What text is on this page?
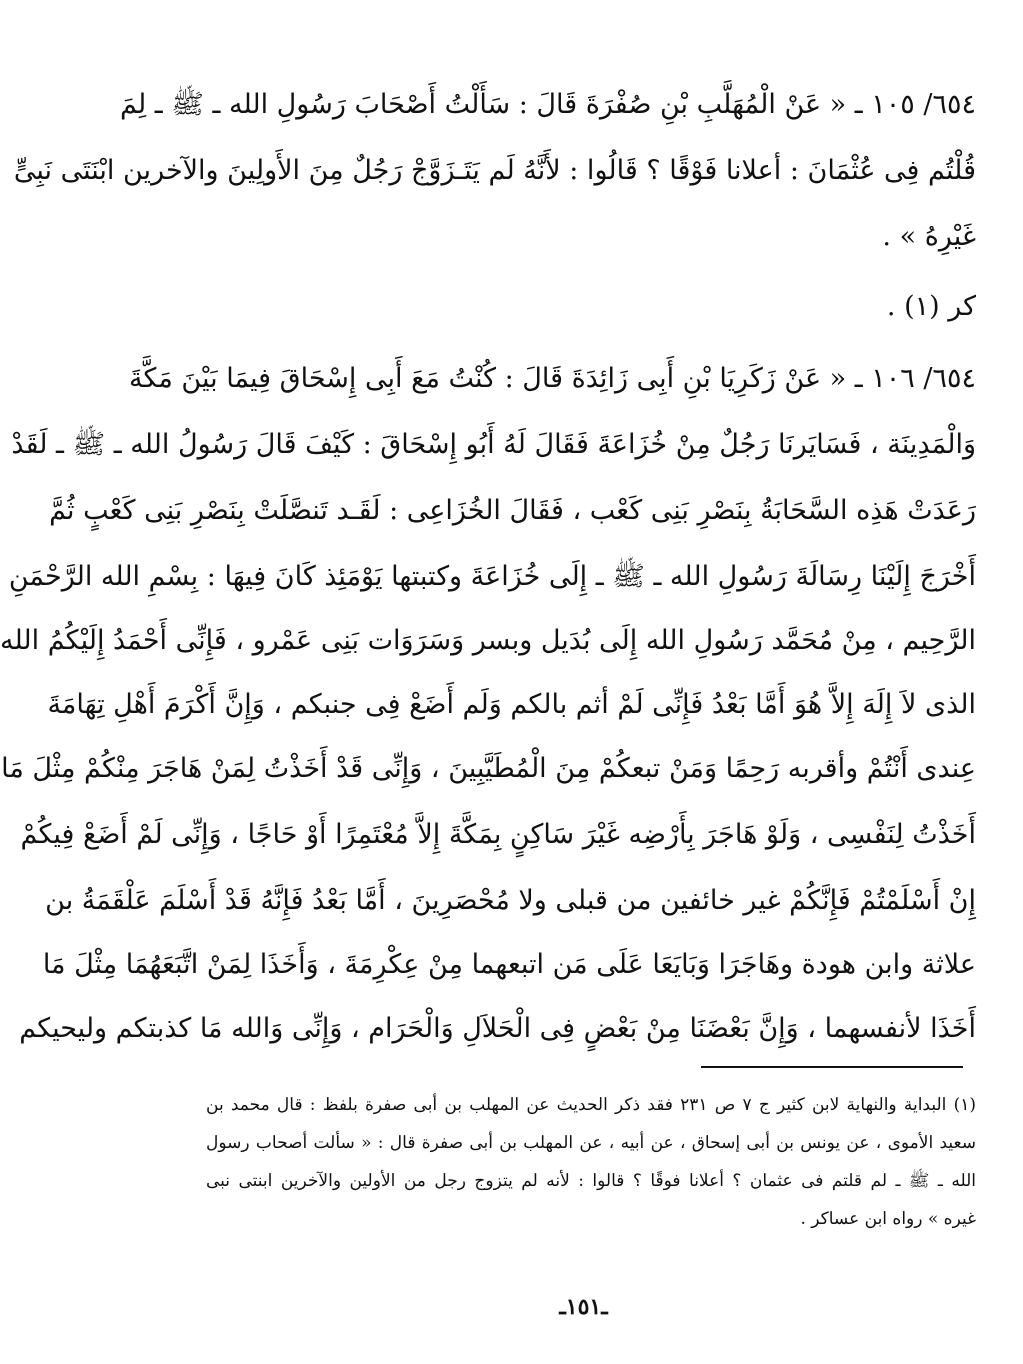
٦٥٤/ ١٠٥ ـ « عَنْ الْمُهَلَّبِ بْنِ صُفْرَةَ قَالَ : سَأَلْتُ أَصْحَابَ رَسُولِ الله ـ ﷺ ـ لِمَ
قُلْتُم فِى عُثْمَانَ : أعلانا فَوْقًا ؟ قَالُوا : لأَنَّهُ لَم يَتَـزَوَّجْ رَجُلٌ مِنَ الأَولِينَ والآخرين ابْنَتَى نَبِىٍّ
غَيْرِهُ » .
كر (١) .
٦٥٤/ ١٠٦ ـ « عَنْ زَكَرِيَا بْنِ أَبِى زَائِدَةَ قَالَ : كُنْتُ مَعَ أَبِى إِسْحَاقَ فِيمَا بَيْنَ مَكَّةَ
وَالْمَدِينَة ، فَسَايَرنَا رَجُلٌ مِنْ خُزَاعَةَ فَقَالَ لَهُ أَبُو إِسْحَاقَ : كَيْفَ قَالَ رَسُولُ الله ـ ﷺ ـ لَقَدْ
رَعَدَتْ هَذِه السَّحَابَةُ بِنَصْرِ بَنِى كَعْب ، فَقَالَ الخُزَاعِى : لَقَـد تَنصَّلَتْ بِنَصْرِ بَنِى كَعْبٍ ثُمَّ
أَخْرَجَ إِلَيْنَا رِسَالَةَ رَسُولِ الله ـ ﷺ ـ إِلَى خُزَاعَةَ وكتبتها يَوْمَئِذ كَانَ فِيهَا : بِسْمِ الله الرَّحْمَنِ
الرَّحِيم ، مِنْ مُحَمَّد رَسُولِ الله إِلَى بُدَيل وبسر وَسَرَوَات بَنِى عَمْرو ، فَإِنِّى أَحْمَدُ إِلَيْكُمُ الله
الذى لاَ إِلَهَ إِلاَّ هُوَ أَمَّا بَعْدُ فَإِنِّى لَمْ أثم بالكم وَلَم أَضَعْ فِى جنبكم ، وَإِنَّ أَكْرَمَ أَهْلِ تِهَامَةَ
عِندى أَنْتُمْ وأقربه رَحِمًا وَمَنْ تبعكُمْ مِنَ الْمُطَيَّبِينَ ، وَإِنِّى قَدْ أَخَذْتُ لِمَنْ هَاجَرَ مِنْكُمْ مِثْلَ مَا
أَخَذْتُ لِنَفْسِى ، وَلَوْ هَاجَرَ بِأَرْضِه غَيْرَ سَاكِنٍ بِمَكَّةَ إِلاَّ مُعْتَمِرًا أَوْ حَاجًا ، وَإِنِّى لَمْ أَضَعْ فِيكُمْ
إِنْ أَسْلَمْتُمْ فَإِنَّكُمْ غير خائفين من قبلى ولا مُحْصَرِينَ ، أَمَّا بَعْدُ فَإِنَّهُ قَدْ أَسْلَمَ عَلْقَمَةُ بن
علاثة وابن هودة وهَاجَرَا وَبَايَعَا عَلَى مَن اتبعهما مِنْ عِكْرِمَةَ ، وَأَخَذَا لِمَنْ اتَّبَعَهُمَا مِثْلَ مَا
أَخَذَا لأنفسهما ، وَإِنَّ بَعْضَنَا مِنْ بَعْضٍ فِى الْحَلاَلِ وَالْحَرَام ، وَإِنِّى وَالله مَا كذبتكم وليحيكم
(١) البداية والنهاية لابن كثير ج ٧ ص ٢٣١ فقد ذكر الحديث عن المهلب بن أبى صفرة بلفظ : قال محمد بن
سعيد الأموى ، عن يونس بن أبى إسحاق ، عن أبيه ، عن المهلب بن أبى صفرة قال : « سألت أصحاب رسول
الله ـ ﷺ ـ لم قلتم فى عثمان ؟ أعلانا فوقًا ؟ قالوا : لأنه لم يتزوج رجل من الأولين والآخرين ابنتى نبى
غيره » رواه ابن عساكر .
ـ١٥١ـ
